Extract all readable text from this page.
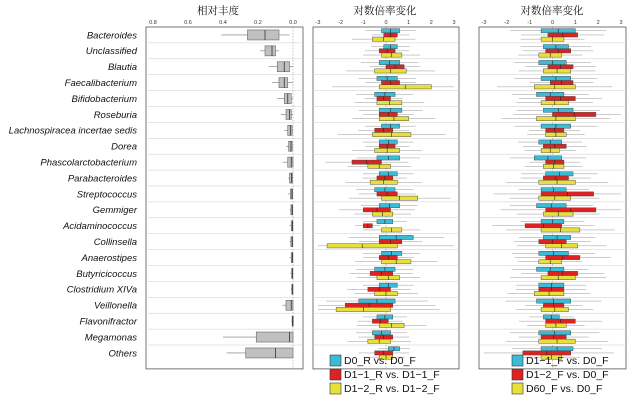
相对丰度	对数倍率变化	对数倍率变化
Bacteroides
Unclassified
Blautia
Faecalibacterium
Bifidobacterium
Roseburia
Lachnospiracea incertae sedis
Dorea
Phascolarctobacterium
Parabacteroides
Streptococcus
Gemmiger
Acidaminococcus
Collinsella
Anaerostipes
Butyricicoccus
Clostridium XIVa
Veillonella
Flavonifractor
Megamonas
Others
0.8	0.6	0.4	0.2	0.0	-3	-2	-1	0	1	2	3	-3	-2	-1	0	1	2	3
D0_R vs. D0_F
D1−1_R vs. D1−1_F
D1−2_R vs. D1−2_F
D1−1_F vs. D0_F
D1−2_F vs. D0_F
D60_F vs. D0_F
